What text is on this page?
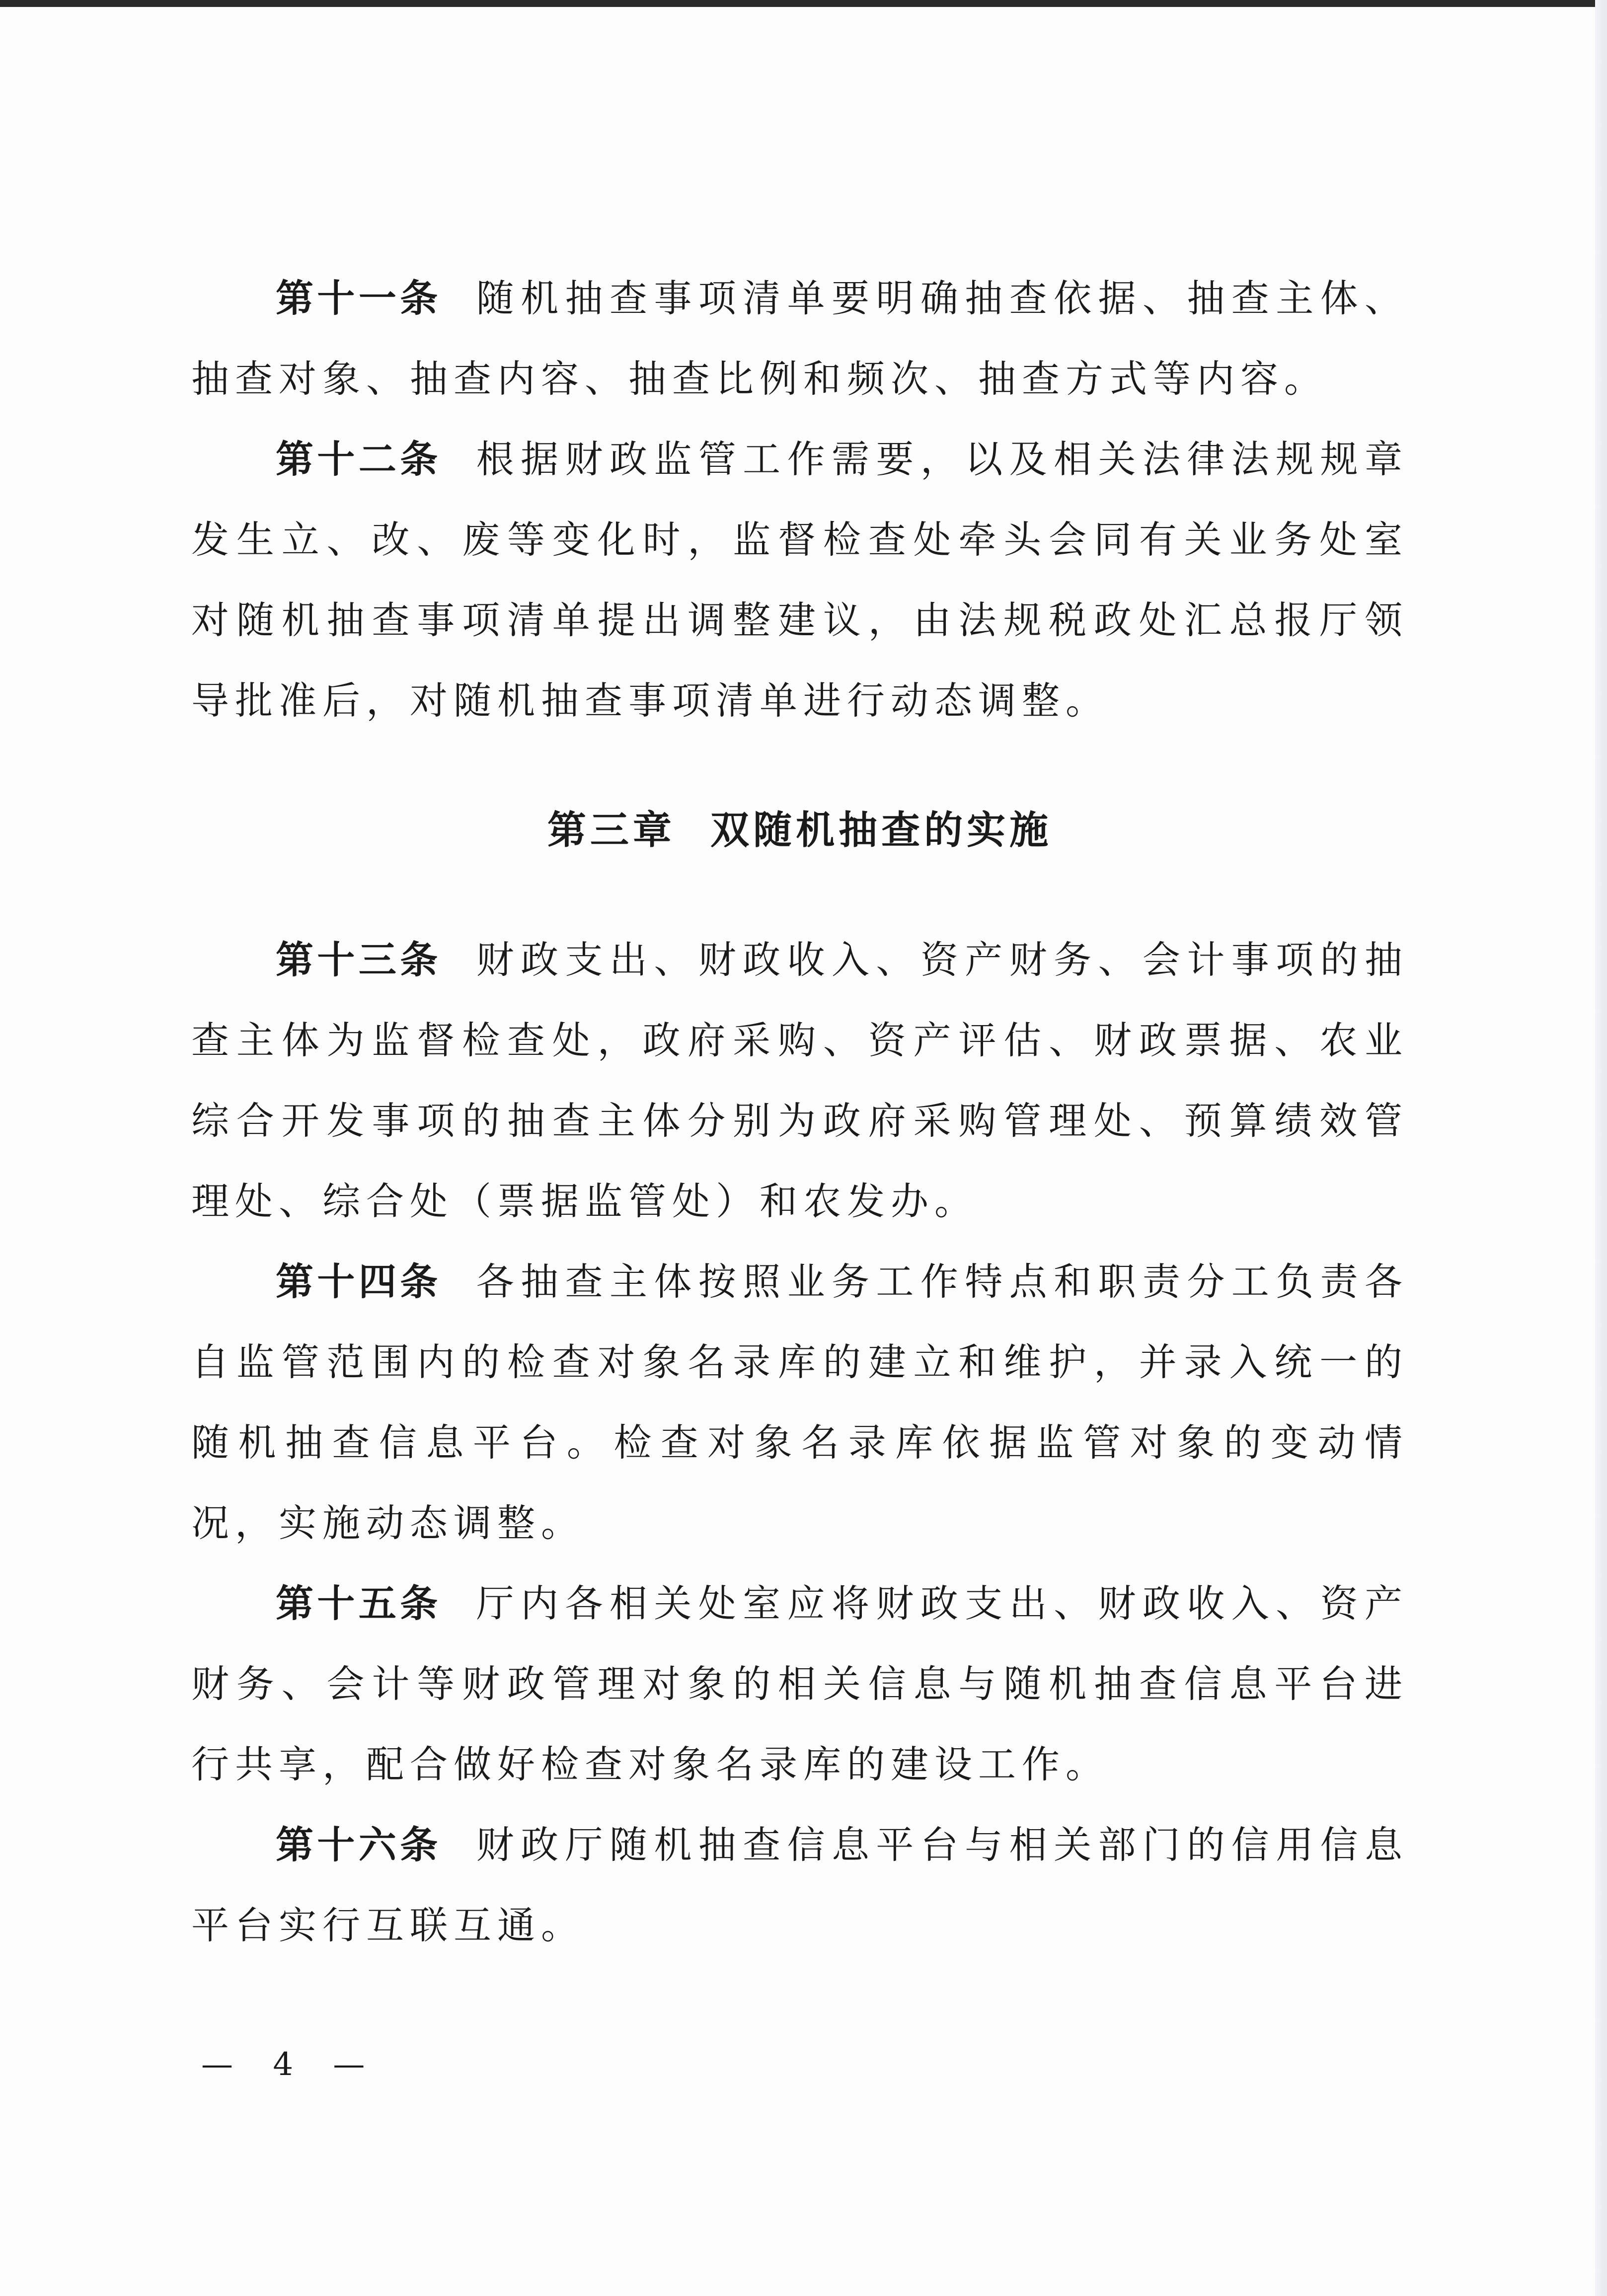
第十一条 随机抽查事项清单要明确抽查依据、抽查主体、抽查对象、抽查内容、抽查比例和频次、抽查方式等内容。

第十二条 根据财政监管工作需要，以及相关法律法规规章发生立、改、废等变化时，监督检查处牵头会同有关业务处室对随机抽查事项清单提出调整建议，由法规税政处汇总报厅领导批准后，对随机抽查事项清单进行动态调整。

第三章  双随机抽查的实施

第十三条 财政支出、财政收入、资产财务、会计事项的抽查主体为监督检查处，政府采购、资产评估、财政票据、农业综合开发事项的抽查主体分别为政府采购管理处、预算绩效管理处、综合处（票据监管处）和农发办。

第十四条 各抽查主体按照业务工作特点和职责分工负责各自监管范围内的检查对象名录库的建立和维护，并录入统一的随机抽查信息平台。检查对象名录库依据监管对象的变动情况，实施动态调整。

第十五条 厅内各相关处室应将财政支出、财政收入、资产财务、会计等财政管理对象的相关信息与随机抽查信息平台进行共享，配合做好检查对象名录库的建设工作。

第十六条 财政厅随机抽查信息平台与相关部门的信用信息平台实行互联互通。

— 4 —
